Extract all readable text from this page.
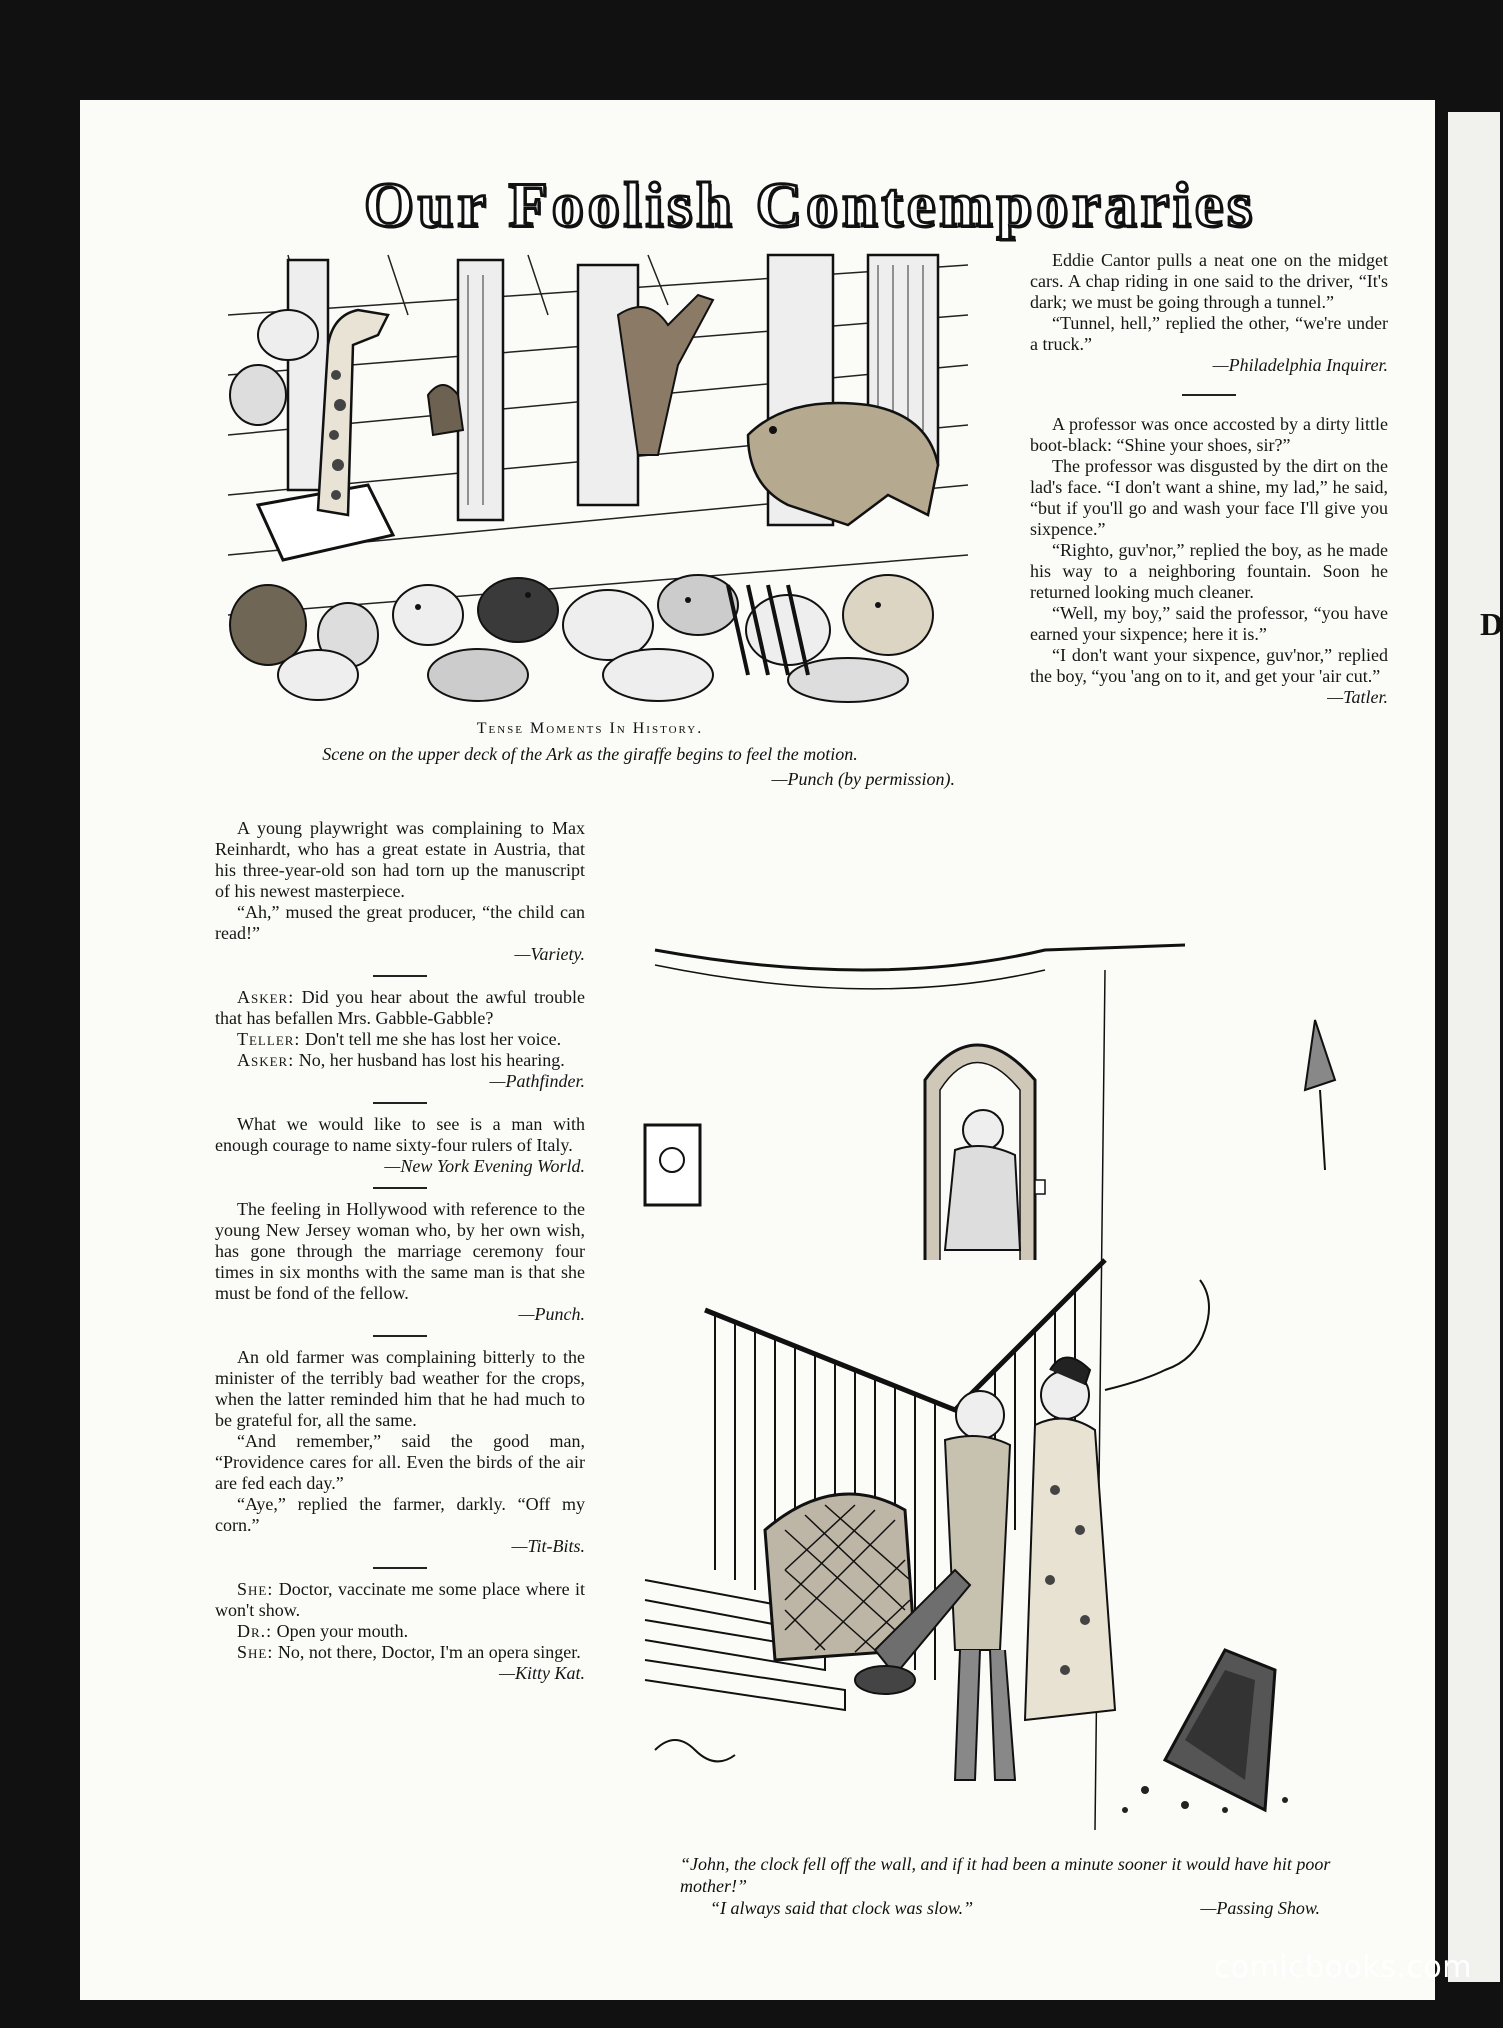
D
Our Foolish Contemporaries
Tense Moments In History.
Scene on the upper deck of the Ark as the giraffe begins to feel the motion.
—Punch (by permission).

Eddie Cantor pulls a neat one on the midget cars. A chap riding in one said to the driver, “It's dark; we must be going through a tunnel.”

“Tunnel, hell,” replied the other, “we're under a truck.”

—Philadelphia Inquirer.

A professor was once accosted by a dirty little boot-black: “Shine your shoes, sir?”

The professor was disgusted by the dirt on the lad's face. “I don't want a shine, my lad,” he said, “but if you'll go and wash your face I'll give you sixpence.”

“Righto, guv'nor,” replied the boy, as he made his way to a neighboring fountain. Soon he returned looking much cleaner.

“Well, my boy,” said the professor, “you have earned your sixpence; here it is.”

“I don't want your sixpence, guv'nor,” replied the boy, “you 'ang on to it, and get your 'air cut.”

—Tatler.

A young playwright was complaining to Max Reinhardt, who has a great estate in Austria, that his three-year-old son had torn up the manuscript of his newest masterpiece.

“Ah,” mused the great producer, “the child can read!”

—Variety.

Asker: Did you hear about the awful trouble that has befallen Mrs. Gabble-Gabble?

Teller: Don't tell me she has lost her voice.

Asker: No, her husband has lost his hearing.

—Pathfinder.

What we would like to see is a man with enough courage to name sixty-four rulers of Italy.

—New York Evening World.

The feeling in Hollywood with reference to the young New Jersey woman who, by her own wish, has gone through the marriage ceremony four times in six months with the same man is that she must be fond of the fellow.

—Punch.

An old farmer was complaining bitterly to the minister of the terribly bad weather for the crops, when the latter reminded him that he had much to be grateful for, all the same.

“And remember,” said the good man, “Providence cares for all. Even the birds of the air are fed each day.”

“Aye,” replied the farmer, darkly. “Off my corn.”

—Tit-Bits.

She: Doctor, vaccinate me some place where it won't show.

Dr.: Open your mouth.

She: No, not there, Doctor, I'm an opera singer.

—Kitty Kat.

“John, the clock fell off the wall, and if it had been a minute sooner it would have hit poor mother!”
“I always said that clock was slow.”	—Passing Show.
comicbooks.com
